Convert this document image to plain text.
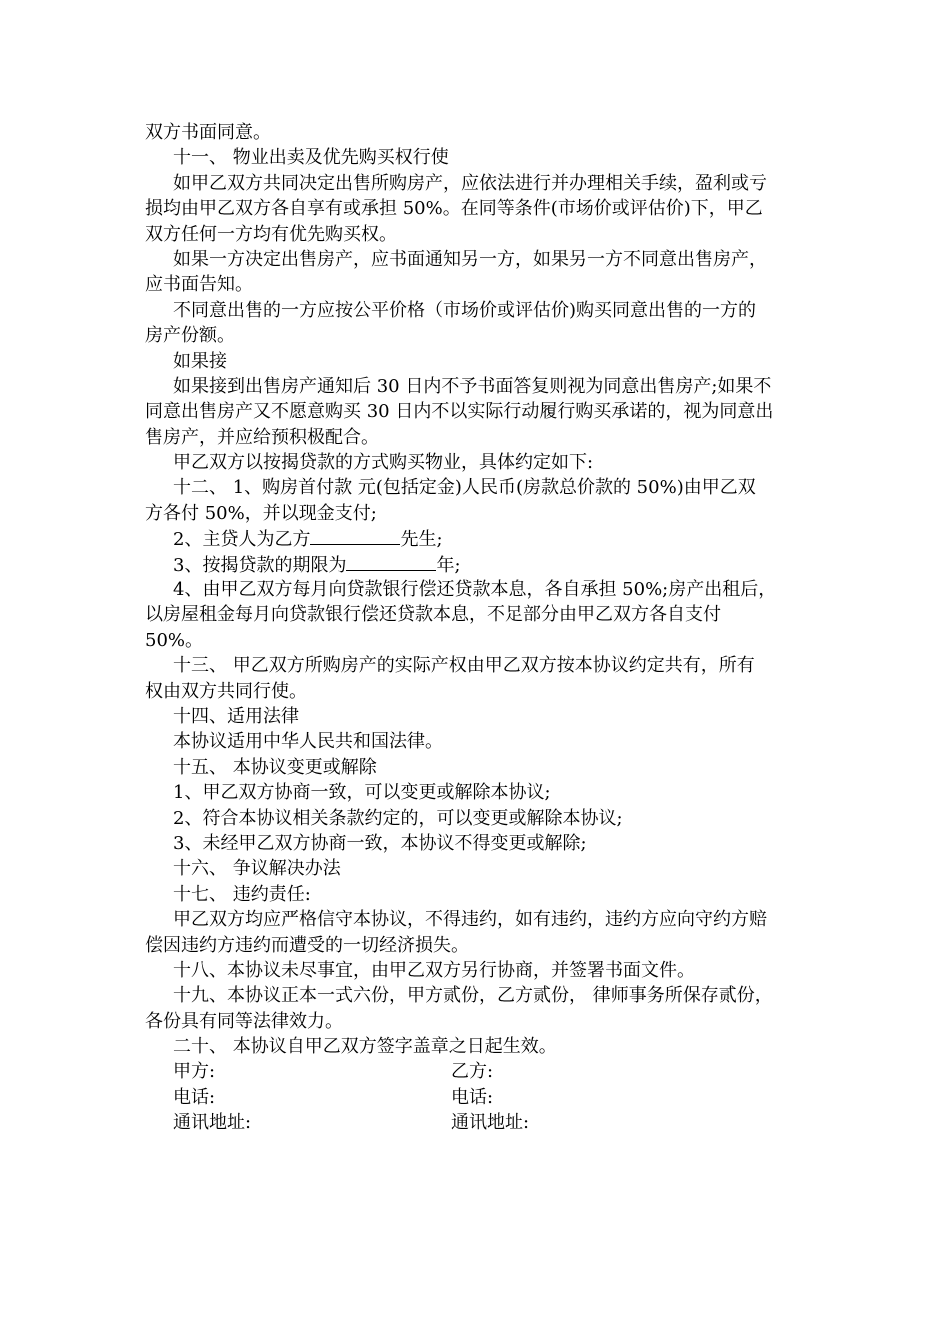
双方书面同意。
十一、 物业出卖及优先购买权行使
如甲乙双方共同决定出售所购房产，应依法进行并办理相关手续，盈利或亏
损均由甲乙双方各自享有或承担 50%。在同等条件(市场价或评估价)下，甲乙
双方任何一方均有优先购买权。
如果一方决定出售房产，应书面通知另一方，如果另一方不同意出售房产，
应书面告知。
不同意出售的一方应按公平价格（市场价或评估价)购买同意出售的一方的
房产份额。
如果接
如果接到出售房产通知后 30 日内不予书面答复则视为同意出售房产;如果不
同意出售房产又不愿意购买 30 日内不以实际行动履行购买承诺的，视为同意出
售房产，并应给预积极配合。
甲乙双方以按揭贷款的方式购买物业，具体约定如下:
十二、 1、购房首付款 元(包括定金)人民币(房款总价款的 50%)由甲乙双
方各付 50%，并以现金支付;
2、主贷人为乙方	先生;
3、按揭贷款的期限为	年;
4、由甲乙双方每月向贷款银行偿还贷款本息，各自承担 50%;房产出租后，
以房屋租金每月向贷款银行偿还贷款本息，不足部分由甲乙双方各自支付
50%。
十三、 甲乙双方所购房产的实际产权由甲乙双方按本协议约定共有，所有
权由双方共同行使。
十四、适用法律
本协议适用中华人民共和国法律。
十五、 本协议变更或解除
1、甲乙双方协商一致，可以变更或解除本协议;
2、符合本协议相关条款约定的，可以变更或解除本协议;
3、未经甲乙双方协商一致，本协议不得变更或解除;
十六、 争议解决办法
十七、 违约责任:
甲乙双方均应严格信守本协议，不得违约，如有违约，违约方应向守约方赔
偿因违约方违约而遭受的一切经济损失。
十八、本协议未尽事宜，由甲乙双方另行协商，并签署书面文件。
十九、本协议正本一式六份，甲方贰份，乙方贰份， 律师事务所保存贰份，
各份具有同等法律效力。
二十、 本协议自甲乙双方签字盖章之日起生效。
甲方:	乙方:
电话:	电话:
通讯地址:	通讯地址:
